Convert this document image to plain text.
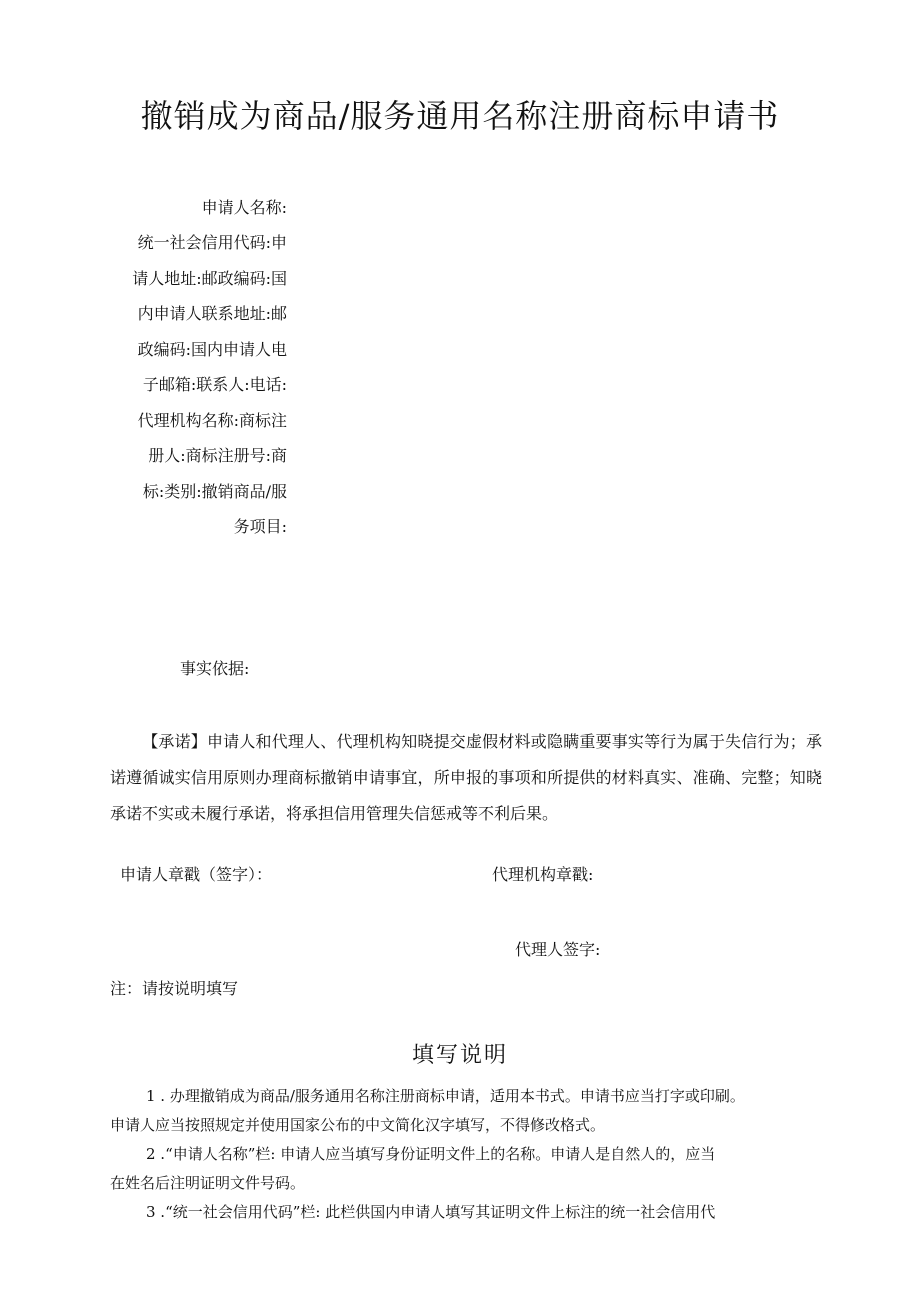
撤销成为商品/服务通用名称注册商标申请书
申请人名称:
统一社会信用代码:申
请人地址:邮政编码:国
内申请人联系地址:邮
政编码:国内申请人电
子邮箱:联系人:电话:
代理机构名称:商标注
册人:商标注册号:商
标:类别:撤销商品/服
务项目:
事实依据:
【承诺】申请人和代理人、代理机构知晓提交虚假材料或隐瞒重要事实等行为属于失信行为；承诺遵循诚实信用原则办理商标撤销申请事宜，所申报的事项和所提供的材料真实、准确、完整；知晓承诺不实或未履行承诺，将承担信用管理失信惩戒等不利后果。
申请人章戳（签字）：	代理机构章戳:
代理人签字:
注：请按说明填写
填写说明
1 . 办理撤销成为商品/服务通用名称注册商标申请，适用本书式。申请书应当打字或印刷。
申请人应当按照规定并使用国家公布的中文简化汉字填写，不得修改格式。
2 .“申请人名称”栏: 申请人应当填写身份证明文件上的名称。申请人是自然人的，应当
在姓名后注明证明文件号码。
3 .“统一社会信用代码”栏: 此栏供国内申请人填写其证明文件上标注的统一社会信用代
